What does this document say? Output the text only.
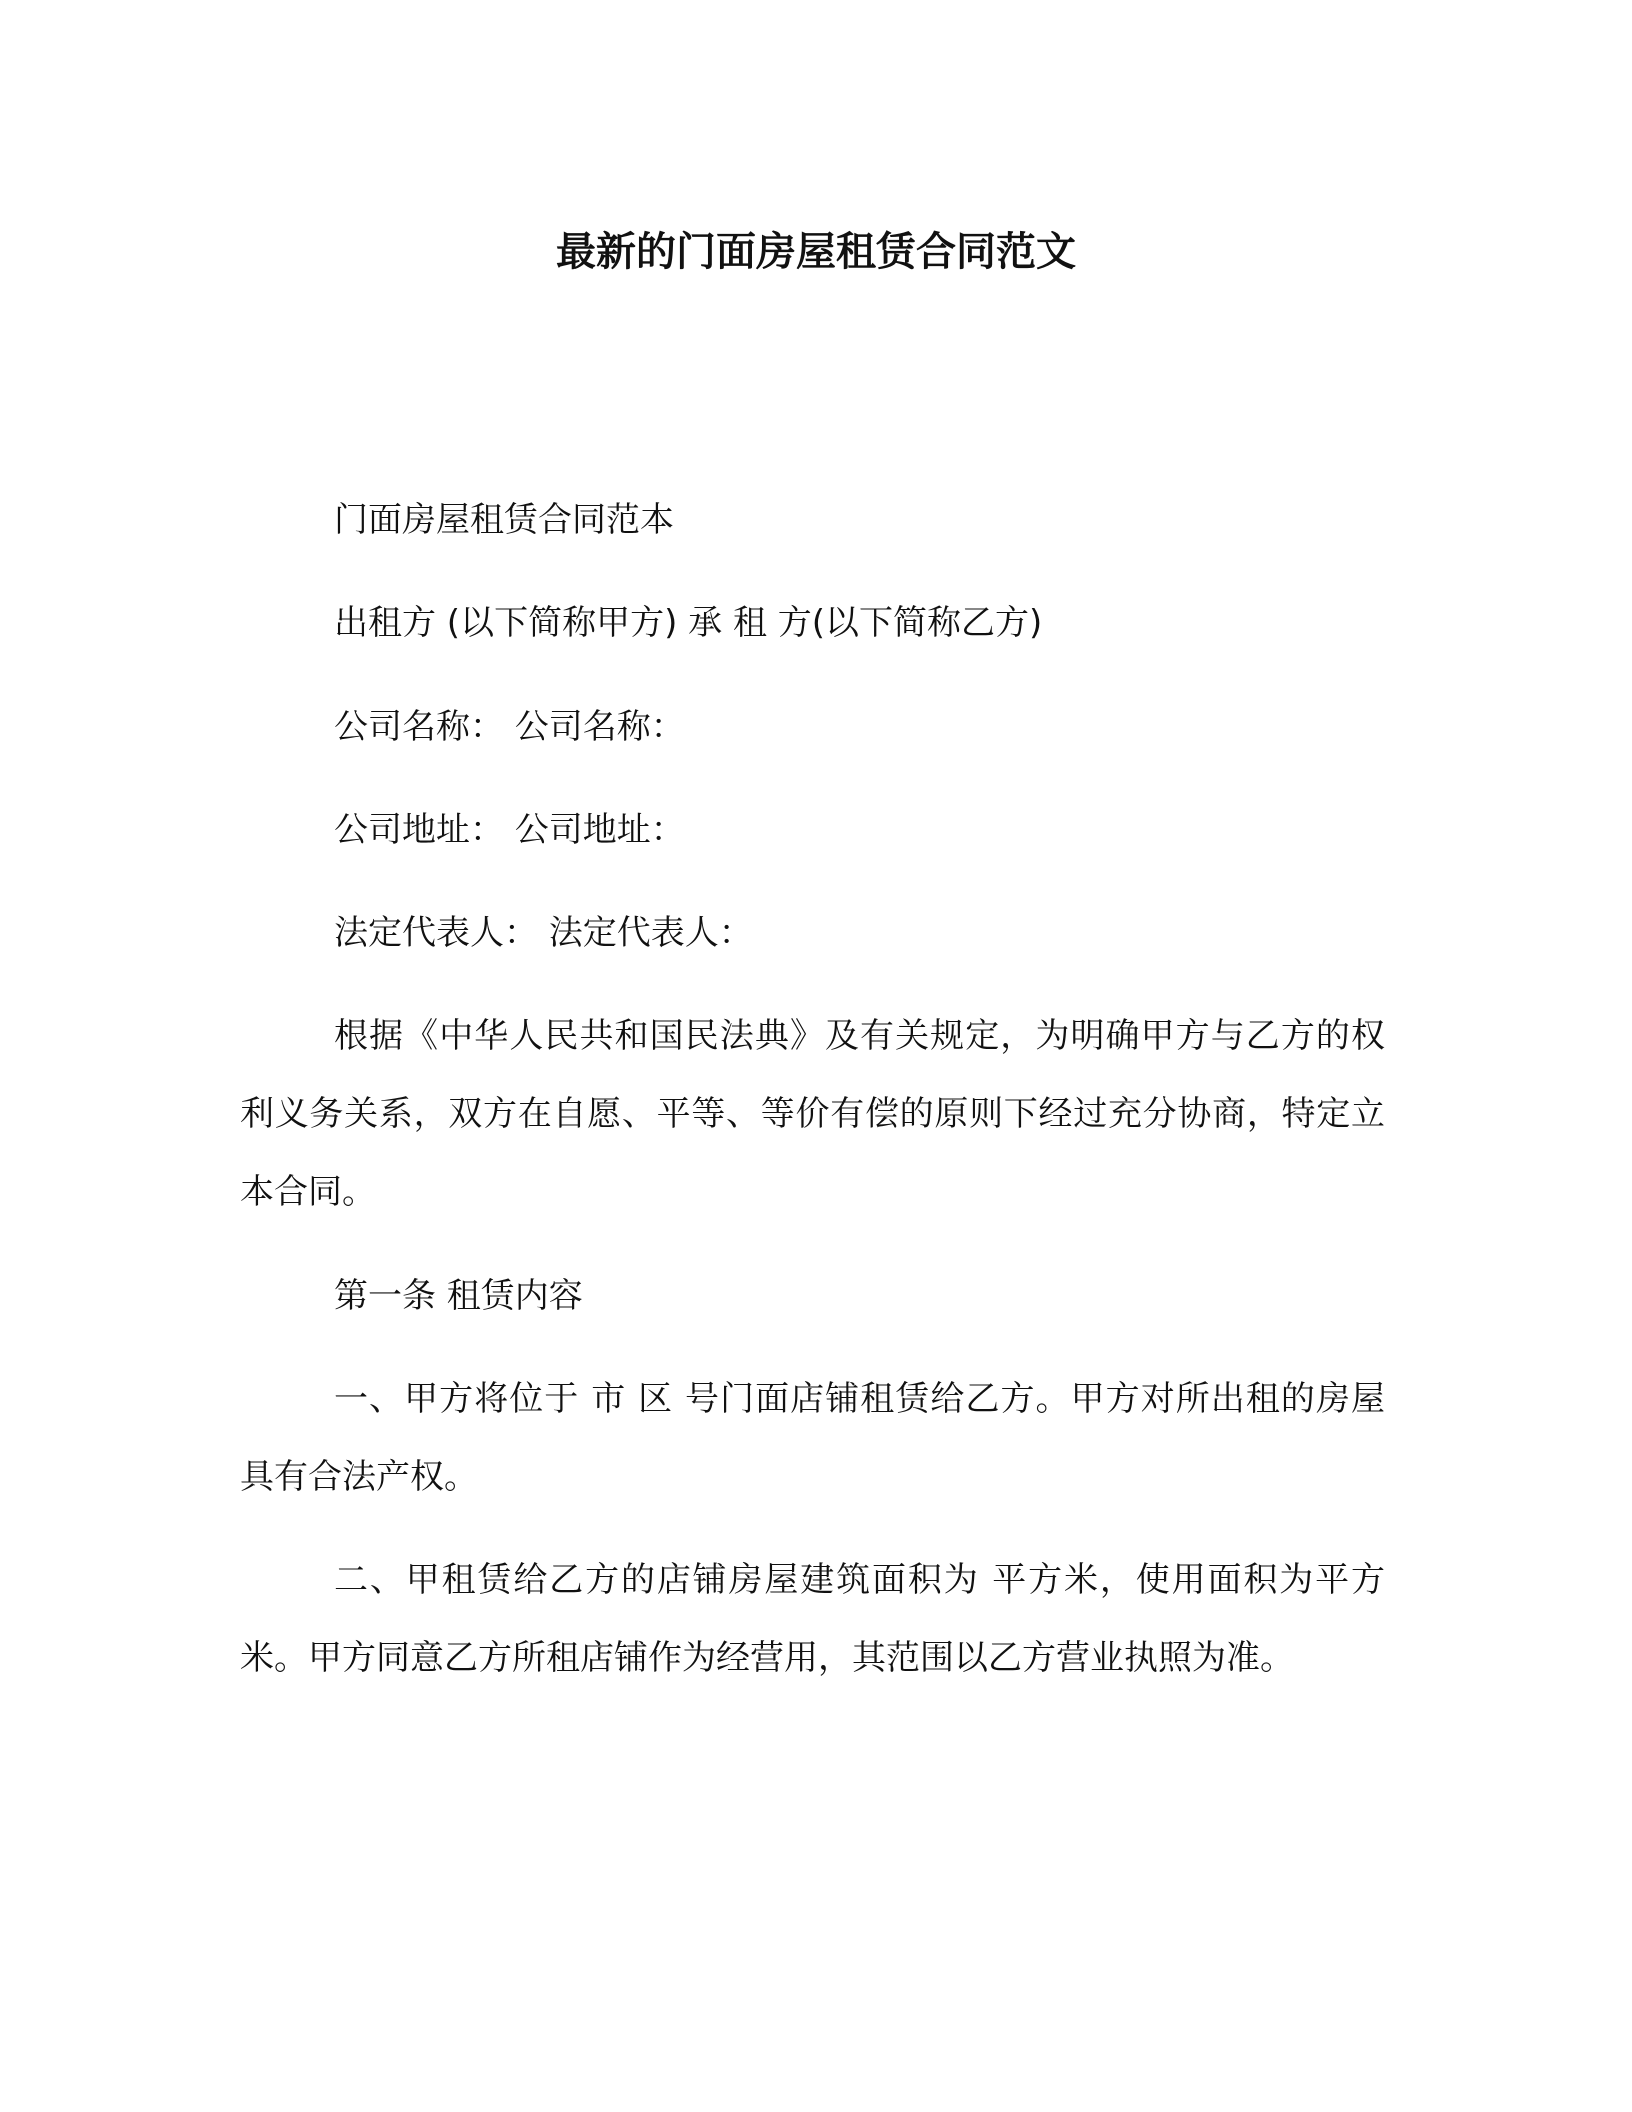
最新的门面房屋租赁合同范文
门面房屋租赁合同范本
出租方 (以下简称甲方) 承 租 方(以下简称乙方)
公司名称： 公司名称：
公司地址： 公司地址：
法定代表人： 法定代表人：
根据《中华人民共和国民法典》及有关规定，为明确甲方与乙方的权利义务关系，双方在自愿、平等、等价有偿的原则下经过充分协商，特定立本合同。
第一条 租赁内容
一、甲方将位于 市 区 号门面店铺租赁给乙方。甲方对所出租的房屋具有合法产权。
二、甲租赁给乙方的店铺房屋建筑面积为 平方米，使用面积为平方米。甲方同意乙方所租店铺作为经营用，其范围以乙方营业执照为准。
